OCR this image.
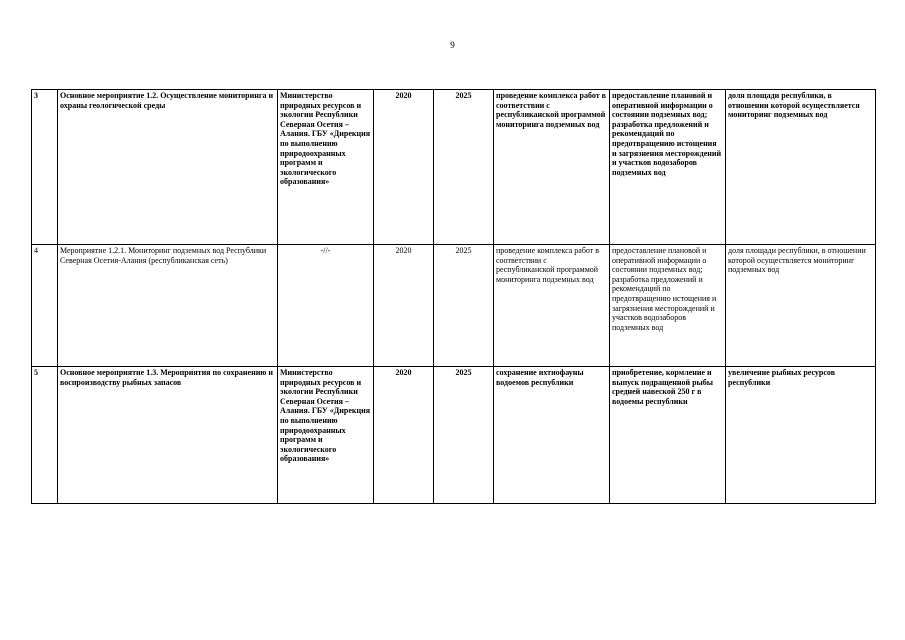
9
3	Основное мероприятие 1.2. Осуществление мониторинга и охраны геологической среды	Министерство природных ресурсов и экологии Республики Северная Осетия – Алания. ГБУ «Дирекция по выполнению природоохранных программ и экологического образования»	2020	2025	проведение комплекса работ в соответствии с республиканской программой мониторинга подземных вод	предоставление плановой и оперативной информации о состоянии подземных вод; разработка предложений и рекомендаций по предотвращению истощения и загрязнения месторождений и участков водозаборов подземных вод	доля площади республики, в отношении которой осуществляется мониторинг подземных вод
4	Мероприятие 1.2.1. Мониторинг подземных вод Республики Северная Осетия-Алания (республиканская сеть)	-//-	2020	2025	проведение комплекса работ в соответствии с республиканской программой мониторинга подземных вод	предоставление плановой и оперативной информации о состоянии подземных вод; разработка предложений и рекомендаций по предотвращению истощения и загрязнения месторождений и участков водозаборов подземных вод	доля площади республики, в отношении которой осуществляется мониторинг подземных вод
5	Основное мероприятие 1.3. Мероприятия по сохранению и воспроизводству рыбных запасов	Министерство природных ресурсов и экологии Республики Северная Осетия – Алания. ГБУ «Дирекция по выполнению природоохранных программ и экологического образования»	2020	2025	сохранение ихтиофауны водоемов республики	приобретение, кормление и выпуск подращенной рыбы средней навеской 250 г в водоемы республики	увеличение рыбных ресурсов республики
